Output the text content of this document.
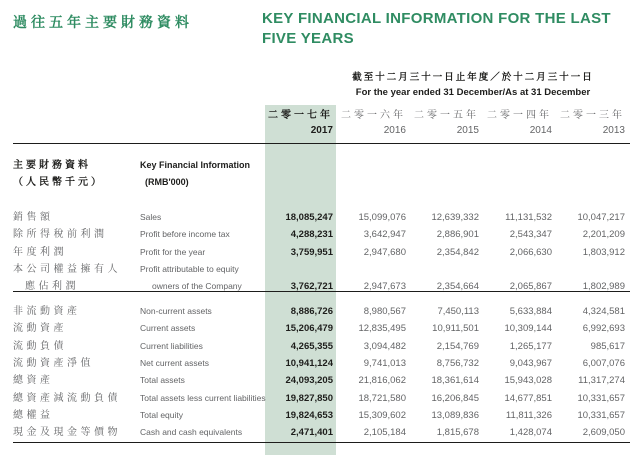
過往五年主要財務資料	KEY FINANCIAL INFORMATION FOR THE LAST FIVE YEARS
截至十二月三十一日止年度／於十二月三十一日
For the year ended 31 December/As at 31 December
二零一七年 二零一六年 二零一五年 二零一四年 二零一三年
2017	2016	2015	2014	2013
主要財務資料	Key Financial Information
（人民幣千元）	(RMB'000)
銷售額	Sales	18,085,247	15,099,076	12,639,332	11,131,532	10,047,217
除所得稅前利潤	Profit before income tax	4,288,231	3,642,947	2,886,901	2,543,347	2,201,209
年度利潤	Profit for the year	3,759,951	2,947,680	2,354,842	2,066,630	1,803,912
本公司權益擁有人	Profit attributable to equity
應佔利潤	owners of the Company	3,762,721	2,947,673	2,354,664	2,065,867	1,802,989
非流動資產	Non-current assets	8,886,726	8,980,567	7,450,113	5,633,884	4,324,581
流動資產	Current assets	15,206,479	12,835,495	10,911,501	10,309,144	6,992,693
流動負債	Current liabilities	4,265,355	3,094,482	2,154,769	1,265,177	985,617
流動資產淨值	Net current assets	10,941,124	9,741,013	8,756,732	9,043,967	6,007,076
總資產	Total assets	24,093,205	21,816,062	18,361,614	15,943,028	11,317,274
總資產減流動負債	Total assets less current liabilities	19,827,850	18,721,580	16,206,845	14,677,851	10,331,657
總權益	Total equity	19,824,653	15,309,602	13,089,836	11,811,326	10,331,657
現金及現金等價物	Cash and cash equivalents	2,471,401	2,105,184	1,815,678	1,428,074	2,609,050
